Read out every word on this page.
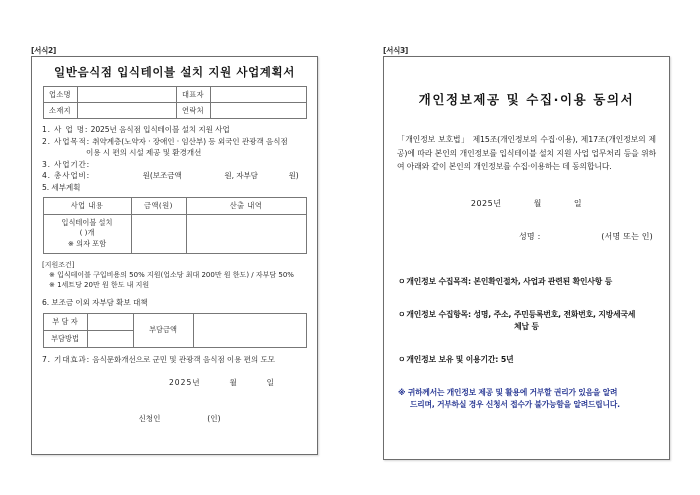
[서식2]
일반음식점 입식테이블 설치 지원 사업계획서
업소명		대표자	
소재지		연락처	
1. 사 업 명: 2025년 음식점 입식테이블 설치 지원 사업
2. 사업목적: 취약계층(노약자 · 장애인 · 임산부) 등 외국인 관광객 음식점
이용 시 편의 시설 제공 및 환경개선
3. 사업기간:
4. 총사업비:	원(보조금액	원, 자부담	원)
5. 세부계획
사업 내용	금액(원)	산출 내역

입식테이블 설치
( )개
※ 의자 포함		

[지원조건]
※ 입식테이블 구입비용의 50% 지원(업소당 최대 200만 원 한도) / 자부담 50%
※ 1세트당 20만 원 한도 내 지원
6. 보조금 이외 자부담 확보 대책
부 담 자		부담금액	
부담방법			
7. 기대효과: 음식문화개선으로 군민 및 관광객 음식점 이용 편의 도모
2025년	월	일
신청인	(인)
[서식3]
개인정보제공 및 수집·이용 동의서
「개인정보 보호법」 제15조(개인정보의 수집·이용), 제17조(개인정보의 제공)에 따라 본인의 개인정보를 입식테이블 설치 지원 사업 업무처리 등을 위하여 아래와 같이 본인의 개인정보를 수집·이용하는 데 동의합니다.
2025년	월	일
성명 :	(서명 또는 인)
ㅇ개인정보 수집목적: 본인확인절차, 사업과 관련된 확인사항 등
ㅇ개인정보 수집항목: 성명, 주소, 주민등록번호, 전화번호, 지방세국세
체납 등
ㅇ개인정보 보유 및 이용기간: 5년
※ 귀하께서는 개인정보 제공 및 활용에 거부할 권리가 있음을 알려
드리며, 거부하실 경우 신청서 접수가 불가능함을 알려드립니다.
